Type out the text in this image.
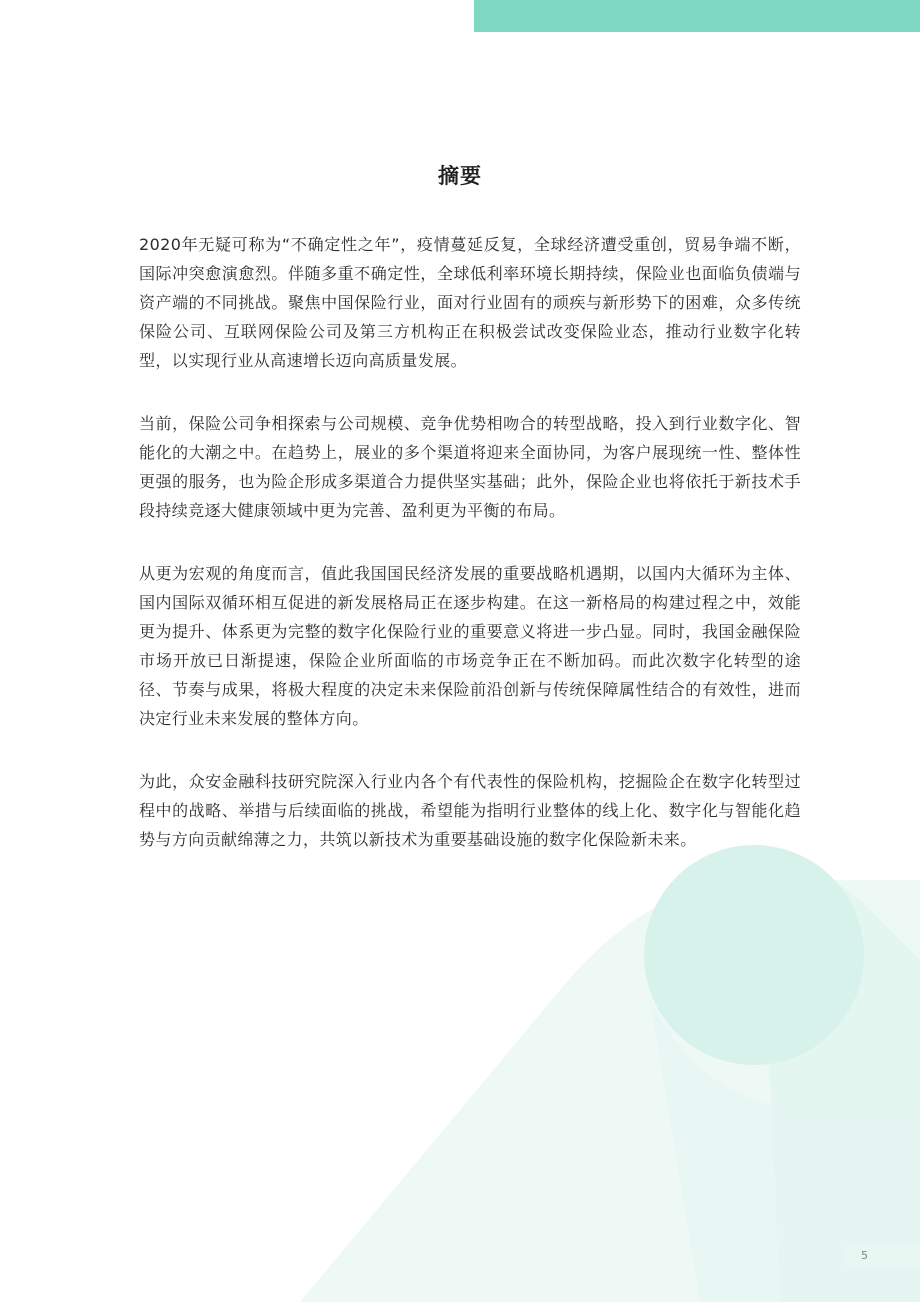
摘要

2020年无疑可称为“不确定性之年”，疫情蔓延反复，全球经济遭受重创，贸易争端不断，国际冲突愈演愈烈。伴随多重不确定性，全球低利率环境长期持续，保险业也面临负债端与资产端的不同挑战。聚焦中国保险行业，面对行业固有的顽疾与新形势下的困难，众多传统保险公司、互联网保险公司及第三方机构正在积极尝试改变保险业态，推动行业数字化转型，以实现行业从高速增长迈向高质量发展。

当前，保险公司争相探索与公司规模、竞争优势相吻合的转型战略，投入到行业数字化、智能化的大潮之中。在趋势上，展业的多个渠道将迎来全面协同，为客户展现统一性、整体性更强的服务，也为险企形成多渠道合力提供坚实基础；此外，保险企业也将依托于新技术手段持续竞逐大健康领域中更为完善、盈利更为平衡的布局。

从更为宏观的角度而言，值此我国国民经济发展的重要战略机遇期，以国内大循环为主体、国内国际双循环相互促进的新发展格局正在逐步构建。在这一新格局的构建过程之中，效能更为提升、体系更为完整的数字化保险行业的重要意义将进一步凸显。同时，我国金融保险市场开放已日渐提速，保险企业所面临的市场竞争正在不断加码。而此次数字化转型的途径、节奏与成果，将极大程度的决定未来保险前沿创新与传统保障属性结合的有效性，进而决定行业未来发展的整体方向。

为此，众安金融科技研究院深入行业内各个有代表性的保险机构，挖掘险企在数字化转型过程中的战略、举措与后续面临的挑战，希望能为指明行业整体的线上化、数字化与智能化趋势与方向贡献绵薄之力，共筑以新技术为重要基础设施的数字化保险新未来。

5
